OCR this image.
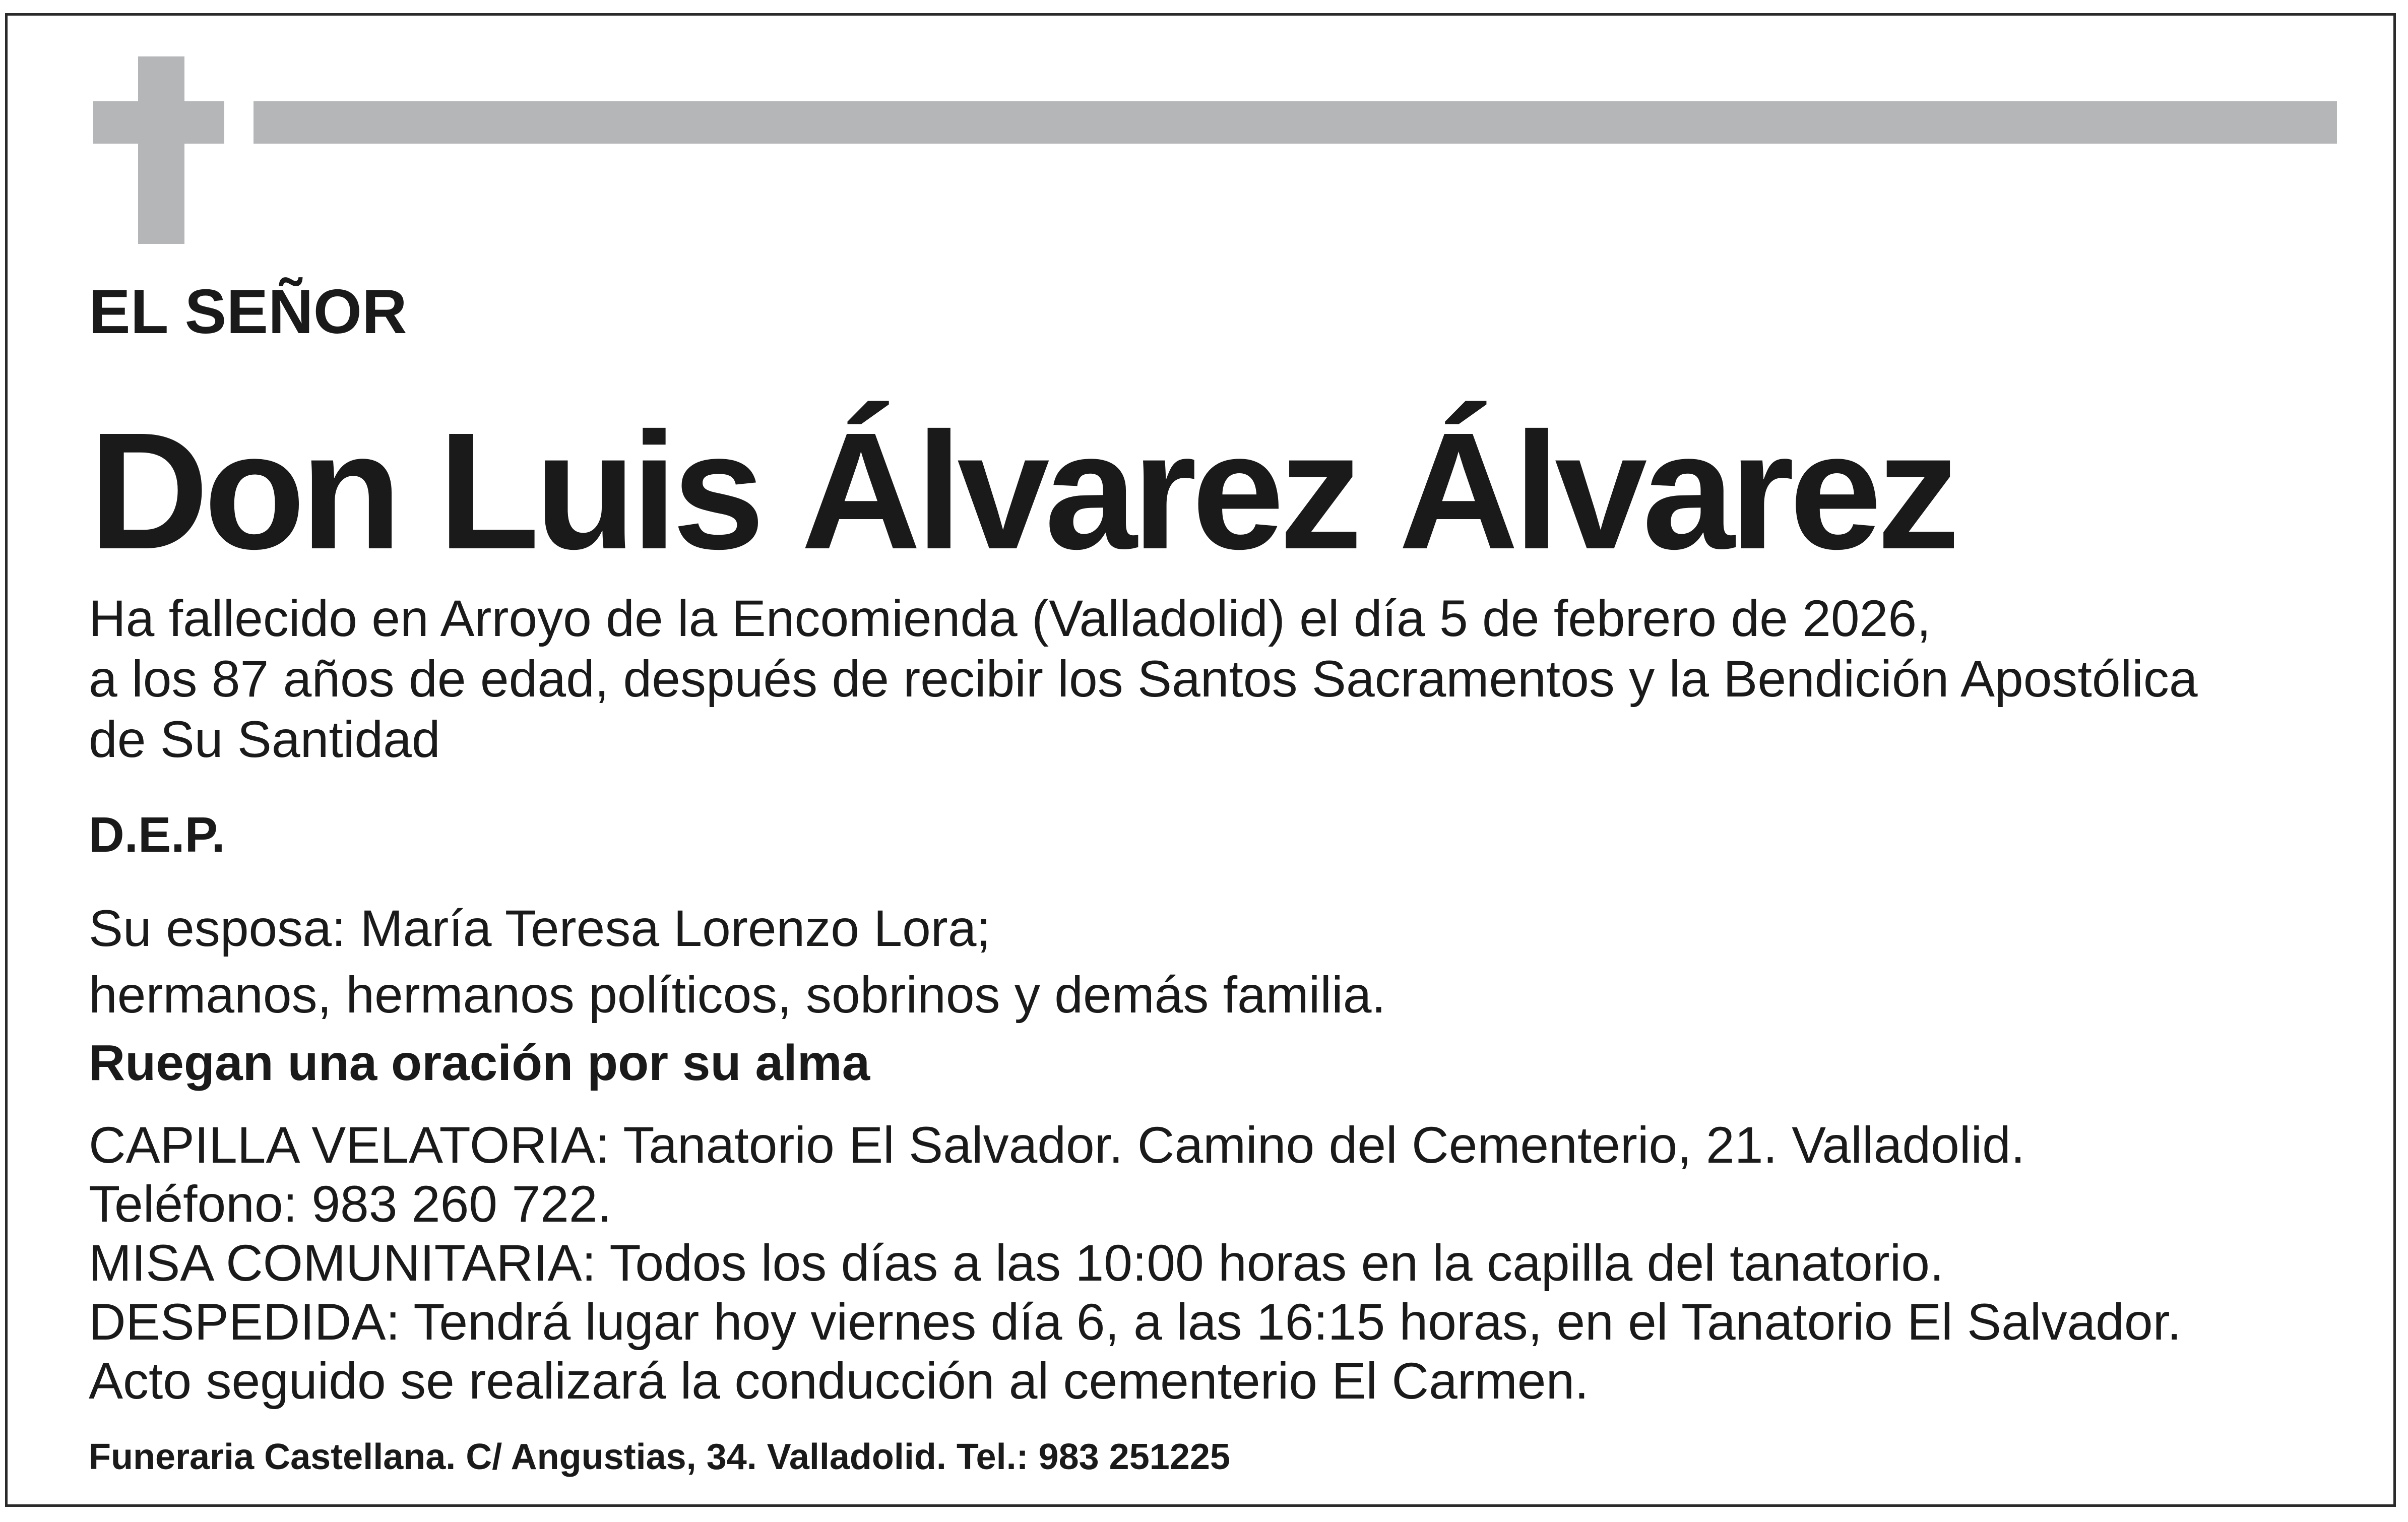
EL SEÑOR

Don Luis Álvarez Álvarez

Ha fallecido en Arroyo de la Encomienda (Valladolid) el día 5 de febrero de 2026,
a los 87 años de edad, después de recibir los Santos Sacramentos y la Bendición Apostólica
de Su Santidad

D.E.P.

Su esposa: María Teresa Lorenzo Lora;
hermanos, hermanos políticos, sobrinos y demás familia.

Ruegan una oración por su alma

CAPILLA VELATORIA: Tanatorio El Salvador. Camino del Cementerio, 21. Valladolid.
Teléfono: 983 260 722.
MISA COMUNITARIA: Todos los días a las 10:00 horas en la capilla del tanatorio.
DESPEDIDA: Tendrá lugar hoy viernes día 6, a las 16:15 horas, en el Tanatorio El Salvador.
Acto seguido se realizará la conducción al cementerio El Carmen.

Funeraria Castellana. C/ Angustias, 34. Valladolid. Tel.: 983 251225
